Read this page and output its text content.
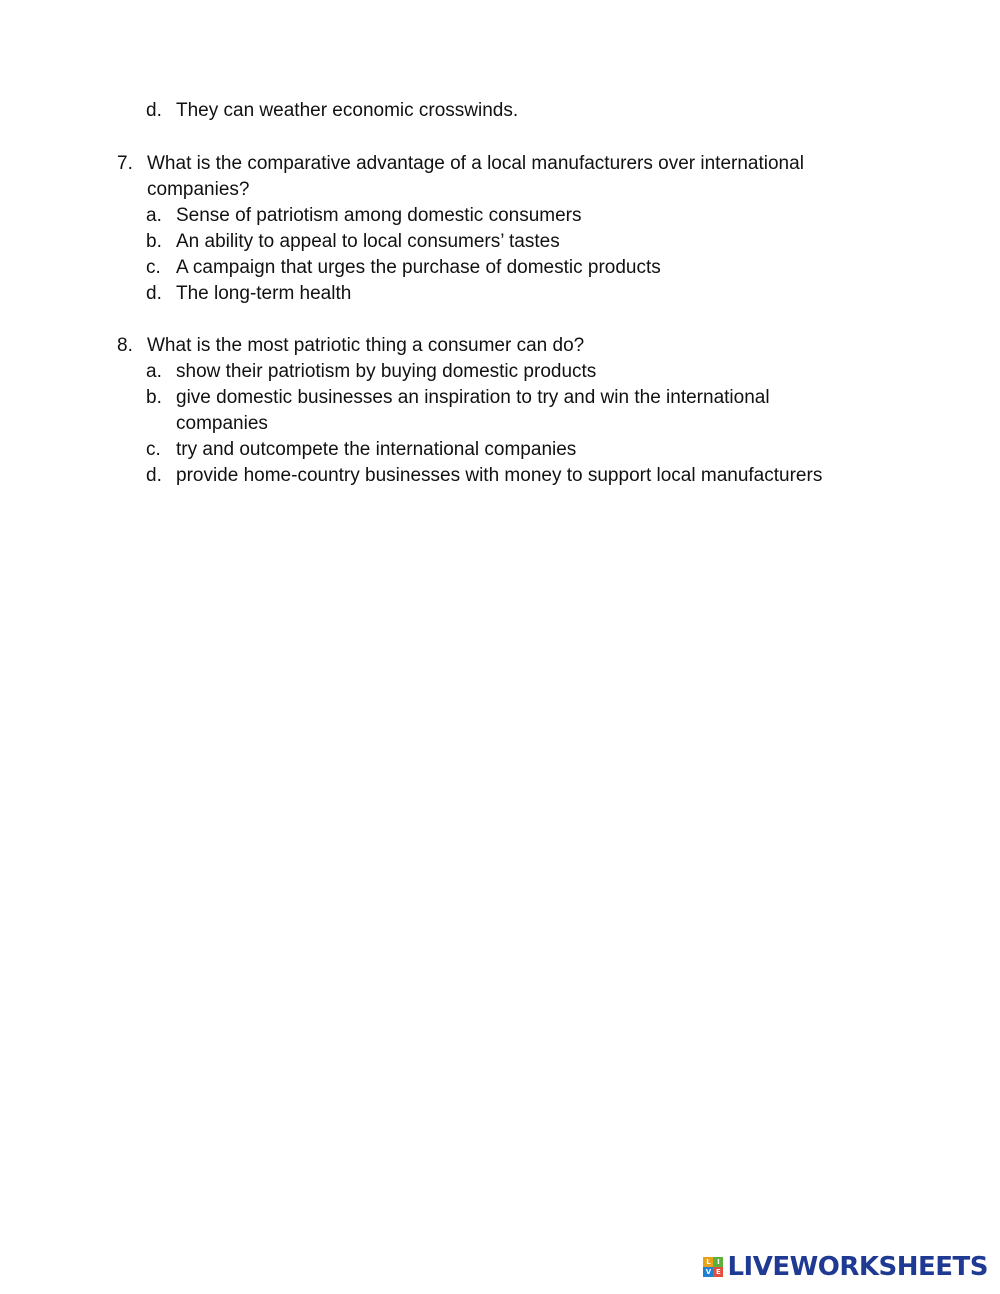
d. They can weather economic crosswinds.
7. What is the comparative advantage of a local manufacturers over international
companies?
a. Sense of patriotism among domestic consumers
b. An ability to appeal to local consumers’ tastes
c. A campaign that urges the purchase of domestic products
d. The long-term health
8. What is the most patriotic thing a consumer can do?
a. show their patriotism by buying domestic products
b. give domestic businesses an inspiration to try and win the international
companies
c. try and outcompete the international companies
d. provide home-country businesses with money to support local manufacturers
L I
V E LIVEWORKSHEETS
